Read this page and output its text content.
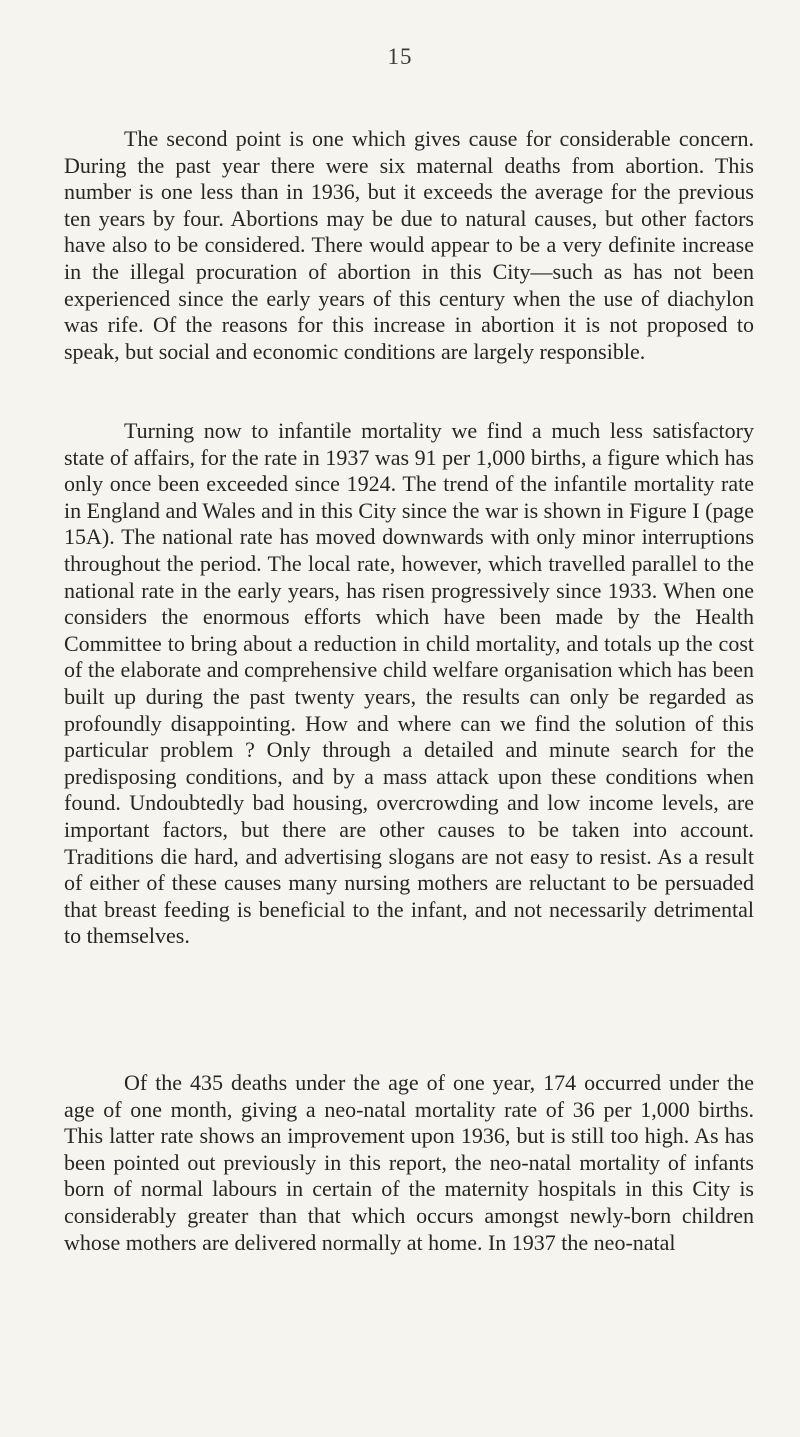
15

The second point is one which gives cause for considerable concern. During the past year there were six maternal deaths from abortion. This number is one less than in 1936, but it exceeds the average for the previous ten years by four. Abortions may be due to natural causes, but other factors have also to be considered. There would appear to be a very definite increase in the illegal procuration of abortion in this City—such as has not been experienced since the early years of this century when the use of diachylon was rife. Of the reasons for this increase in abortion it is not proposed to speak, but social and economic conditions are largely responsible.

Turning now to infantile mortality we find a much less satisfactory state of affairs, for the rate in 1937 was 91 per 1,000 births, a figure which has only once been exceeded since 1924. The trend of the infantile mortality rate in England and Wales and in this City since the war is shown in Figure I (page 15A). The national rate has moved downwards with only minor interruptions throughout the period. The local rate, however, which travelled parallel to the national rate in the early years, has risen progressively since 1933. When one considers the enormous efforts which have been made by the Health Committee to bring about a reduction in child mortality, and totals up the cost of the elaborate and comprehensive child welfare organisation which has been built up during the past twenty years, the results can only be regarded as profoundly disappointing. How and where can we find the solution of this particular problem ? Only through a detailed and minute search for the predisposing conditions, and by a mass attack upon these conditions when found. Undoubtedly bad housing, overcrowding and low income levels, are important factors, but there are other causes to be taken into account. Traditions die hard, and advertising slogans are not easy to resist. As a result of either of these causes many nursing mothers are reluctant to be persuaded that breast feeding is beneficial to the infant, and not necessarily detrimental to themselves.

Of the 435 deaths under the age of one year, 174 occurred under the age of one month, giving a neo-natal mortality rate of 36 per 1,000 births. This latter rate shows an improvement upon 1936, but is still too high. As has been pointed out previously in this report, the neo-natal mortality of infants born of normal labours in certain of the maternity hospitals in this City is considerably greater than that which occurs amongst newly-born children whose mothers are delivered normally at home. In 1937 the neo-natal
